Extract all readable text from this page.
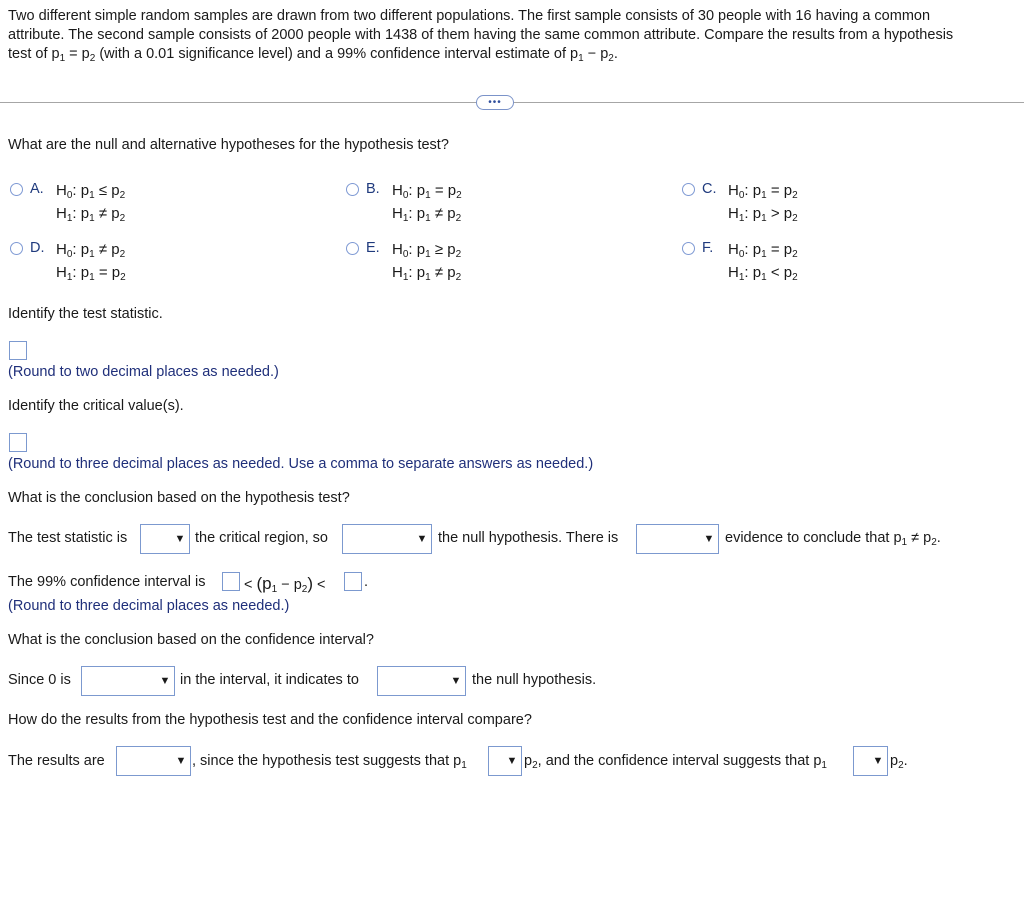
Two different simple random samples are drawn from two different populations. The first sample consists of 30 people with 16 having a common

attribute. The second sample consists of 2000 people with 1438 of them having the same common attribute. Compare the results from a hypothesis

test of $p_1 = p_2$ (with a 0.01 significance level) and a 99% confidence interval estimate of $p_1 - p_2$.

•••
What are the null and alternative hypotheses for the hypothesis test?
A. $H_0$: $p_1 \le p_2$
$H_1$: $p_1 \ne p_2$
B. $H_0$: $p_1 = p_2$
$H_1$: $p_1 \ne p_2$
C. $H_0$: $p_1 = p_2$
$H_1$: $p_1 > p_2$
D. $H_0$: $p_1 \ne p_2$
$H_1$: $p_1 = p_2$
E. $H_0$: $p_1 \ge p_2$
$H_1$: $p_1 \ne p_2$
F. $H_0$: $p_1 = p_2$
$H_1$: $p_1 < p_2$
Identify the test statistic.
(Round to two decimal places as needed.)
Identify the critical value(s).
(Round to three decimal places as needed. Use a comma to separate answers as needed.)
What is the conclusion based on the hypothesis test?
The test statistic is	▼ the critical region, so	▼ the null hypothesis. There is	▼ evidence to conclude that $p_1 \ne p_2$.
The 99% confidence interval is	< $(p_1 - p_2)$ <	.
(Round to three decimal places as needed.)
What is the conclusion based on the confidence interval?
Since 0 is	▼ in the interval, it indicates to	▼ the null hypothesis.
How do the results from the hypothesis test and the confidence interval compare?
The results are	▼ , since the hypothesis test suggests that $p_1$	▼ $p_2$, and the confidence interval suggests that $p_1$	▼ $p_2$.
